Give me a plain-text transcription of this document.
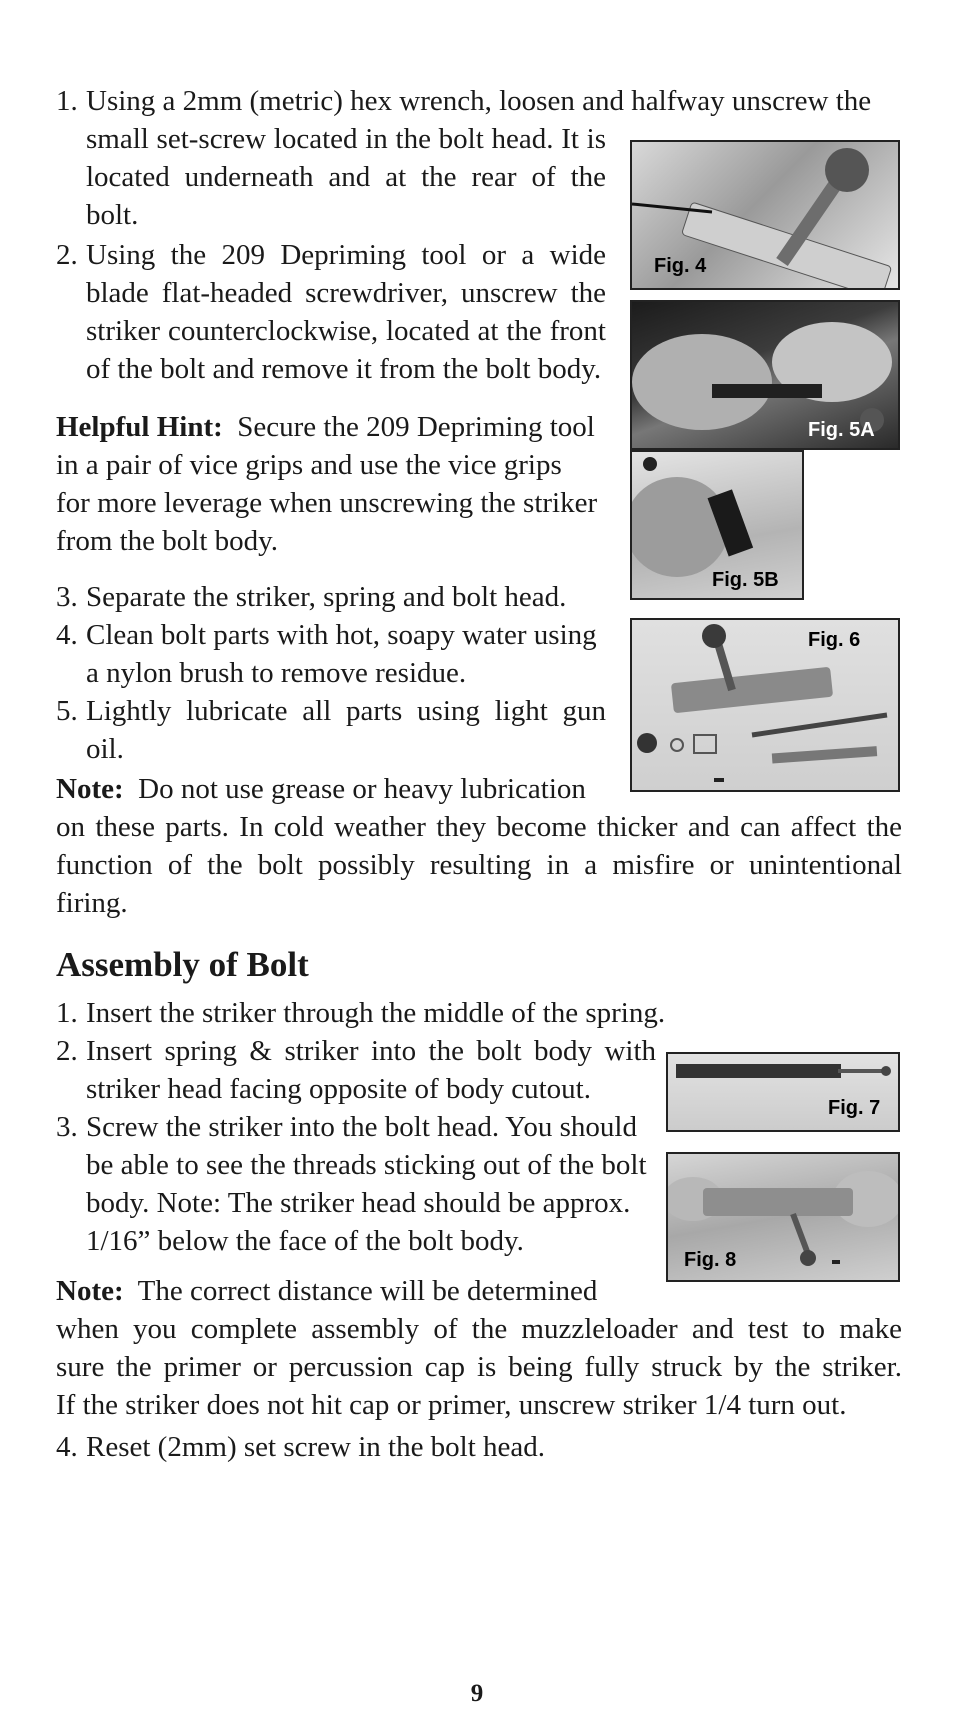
1. Using a 2mm (metric) hex wrench, loosen and halfway unscrew the
small set-screw located in the bolt head. It is
located underneath and at the rear of the
bolt.
2. Using the 209 Depriming tool or a wide
blade flat-headed screwdriver, unscrew the
striker counterclockwise, located at the front
of the bolt and remove it from the bolt body.
Helpful Hint: Secure the 209 Depriming tool
in a pair of vice grips and use the vice grips
for more leverage when unscrewing the striker
from the bolt body.
3. Separate the striker, spring and bolt head.
4. Clean bolt parts with hot, soapy water using
a nylon brush to remove residue.
5. Lightly lubricate all parts using light gun
oil.
Note: Do not use grease or heavy lubrication
on these parts. In cold weather they become thicker and can affect the
function of the bolt possibly resulting in a misfire or unintentional
firing.
Assembly of Bolt
1. Insert the striker through the middle of the spring.
2. Insert spring & striker into the bolt body with
striker head facing opposite of body cutout.
3. Screw the striker into the bolt head. You should
be able to see the threads sticking out of the bolt
body. Note: The striker head should be approx.
1/16” below the face of the bolt body.
Note: The correct distance will be determined
when you complete assembly of the muzzleloader and test to make
sure the primer or percussion cap is being fully struck by the striker.
If the striker does not hit cap or primer, unscrew striker 1/4 turn out.
4. Reset (2mm) set screw in the bolt head.
Fig. 4
Fig. 5A
Fig. 5B
Fig. 6
Fig. 7
Fig. 8
9
